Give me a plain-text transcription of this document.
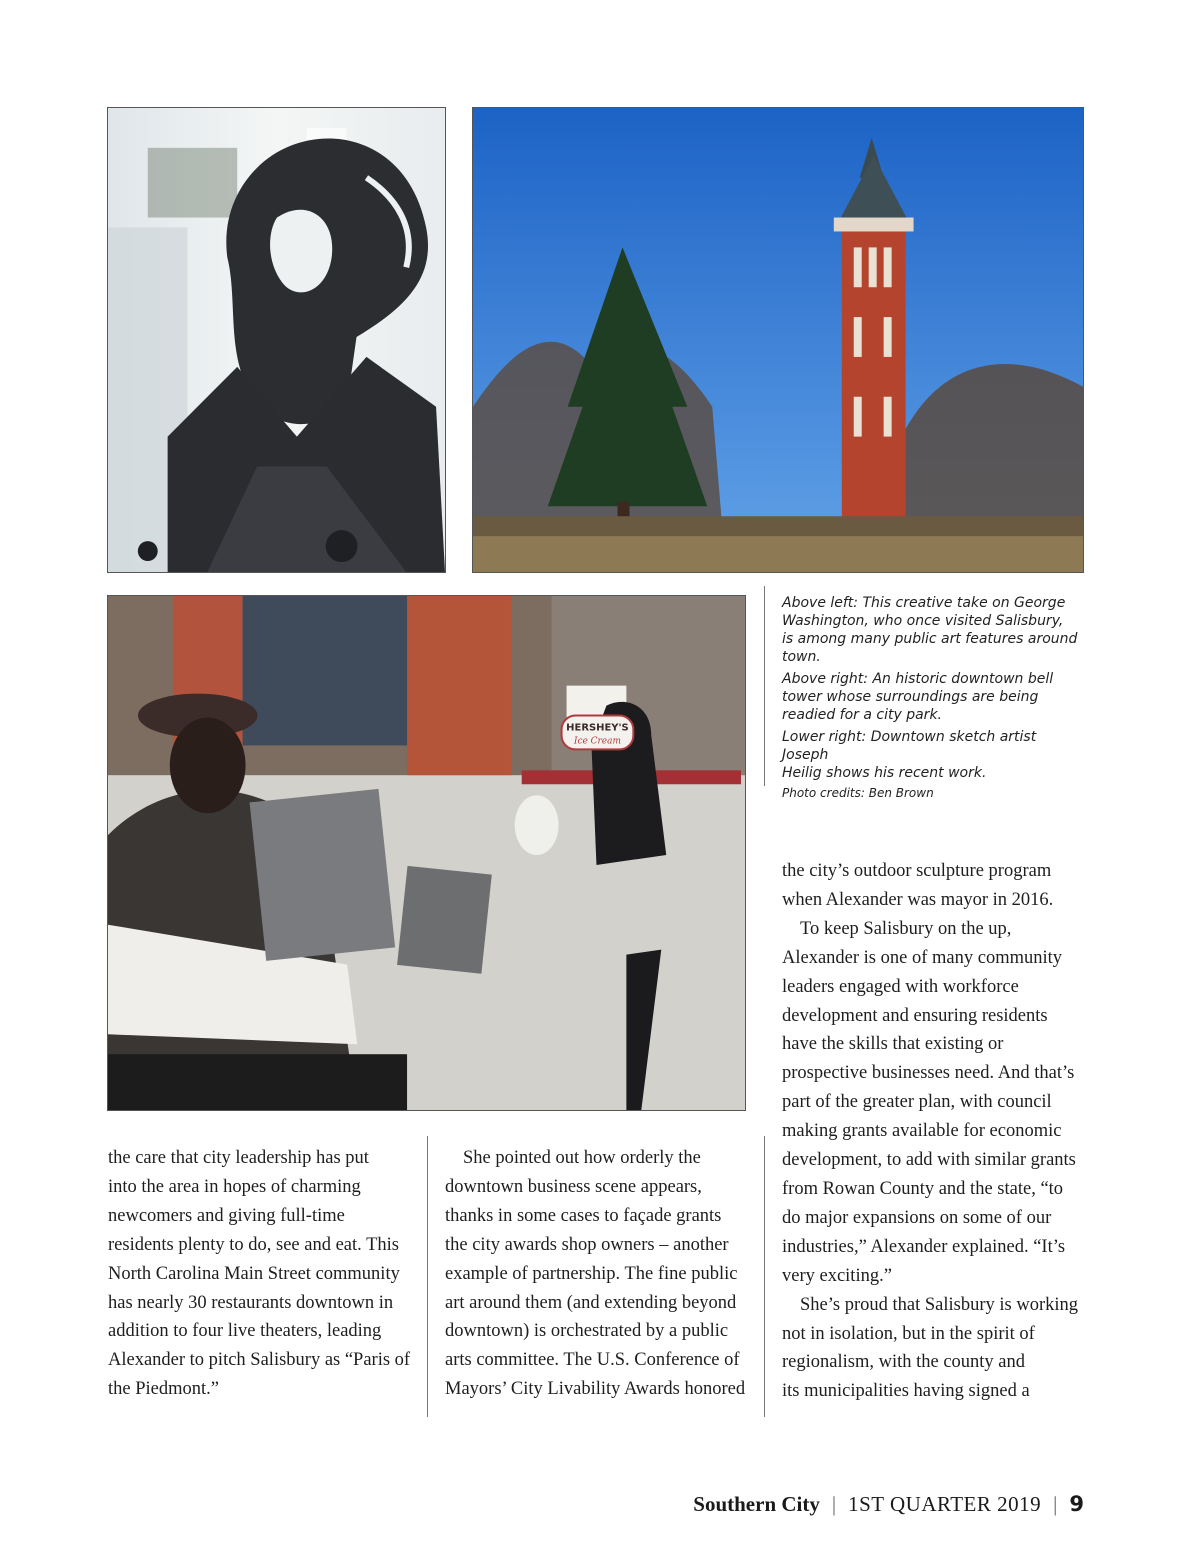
HERSHEY'S
Ice Cream

Above left: This creative take on George
Washington, who once visited Salisbury,
is among many public art features around
town.

Above right: An historic downtown bell
tower whose surroundings are being
readied for a city park.

Lower right: Downtown sketch artist Joseph
Heilig shows his recent work.

Photo credits: Ben Brown

the care that city leadership has put
into the area in hopes of charming
newcomers and giving full-time
residents plenty to do, see and eat. This
North Carolina Main Street community
has nearly 30 restaurants downtown in
addition to four live theaters, leading
Alexander to pitch Salisbury as “Paris of
the Piedmont.”
She pointed out how orderly the
downtown business scene appears,
thanks in some cases to façade grants
the city awards shop owners – another
example of partnership. The fine public
art around them (and extending beyond
downtown) is orchestrated by a public
arts committee. The U.S. Conference of
Mayors’ City Livability Awards honored
the city’s outdoor sculpture program
when Alexander was mayor in 2016.
To keep Salisbury on the up,
Alexander is one of many community
leaders engaged with workforce
development and ensuring residents
have the skills that existing or
prospective businesses need. And that’s
part of the greater plan, with council
making grants available for economic
development, to add with similar grants
from Rowan County and the state, “to
do major expansions on some of our
industries,” Alexander explained. “It’s
very exciting.”
She’s proud that Salisbury is working
not in isolation, but in the spirit of
regionalism, with the county and
its municipalities having signed a
Southern City | 1ST QUARTER 2019 | 9
